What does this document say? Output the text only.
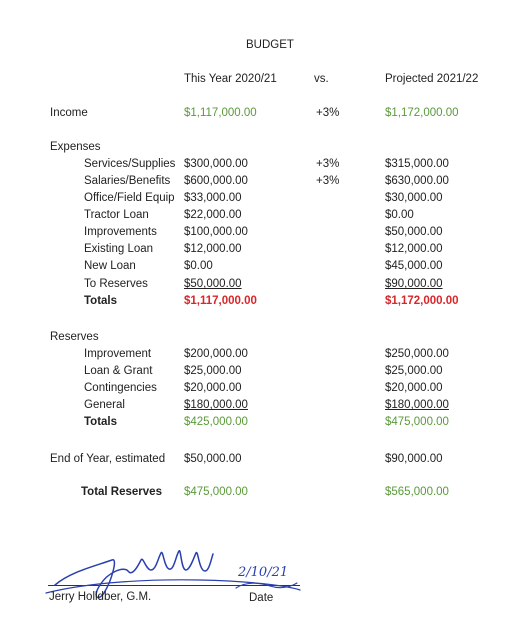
BUDGET
This Year 2020/21	vs.	Projected 2021/22
Income	$1,117,000.00	+3%	$1,172,000.00
Expenses
Services/Supplies $300,000.00	+3%	$315,000.00
Salaries/Benefits $600,000.00	+3%	$630,000.00
Office/Field Equip $33,000.00	$30,000.00
Tractor Loan	$22,000.00	$0.00
Improvements $100,000.00	$50,000.00
Existing Loan	$12,000.00	$12,000.00
New Loan	$0.00	$45,000.00
To Reserves	$50,000.00	$90,000.00
Totals	$1,117,000.00	$1,172,000.00
Reserves
Improvement	$200,000.00	$250,000.00
Loan & Grant	$25,000.00	$25,000.00
Contingencies $20,000.00	$20,000.00
General	$180,000.00	$180,000.00
Totals	$425,000.00	$475,000.00
End of Year, estimated $50,000.00	$90,000.00
Total Reserves $475,000.00	$565,000.00
2/10/21
Jerry Holldber, G.M.	Date
